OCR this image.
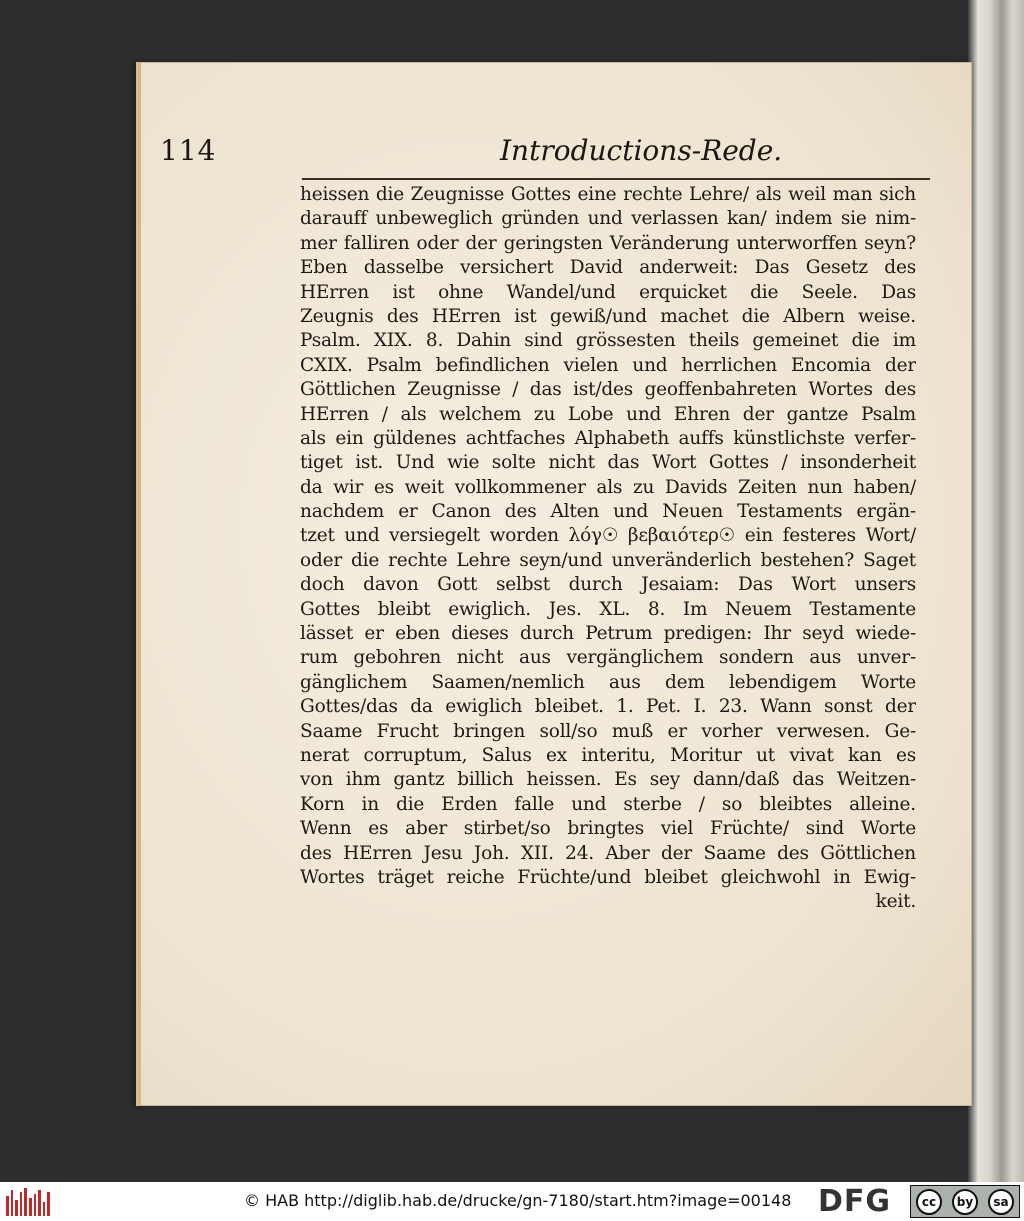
114	Introductions-Rede.
heissen die Zeugnisse Gottes eine rechte Lehre/ als weil man sich
darauff unbeweglich gründen und verlassen kan/ indem sie nim-
mer falliren oder der geringsten Veränderung unterworffen seyn?
Eben dasselbe versichert David anderweit: Das Gesetz des
HErren ist ohne Wandel/und erquicket die Seele. Das
Zeugnis des HErren ist gewiß/und machet die Albern weise.
Psalm. XIX. 8. Dahin sind grössesten theils gemeinet die im
CXIX. Psalm befindlichen vielen und herrlichen Encomia der
Göttlichen Zeugnisse / das ist/des geoffenbahreten Wortes des
HErren / als welchem zu Lobe und Ehren der gantze Psalm
als ein güldenes achtfaches Alphabeth auffs künstlichste verfer-
tiget ist. Und wie solte nicht das Wort Gottes / insonderheit
da wir es weit vollkommener als zu Davids Zeiten nun haben/
nachdem er Canon des Alten und Neuen Testaments ergän-
tzet und versiegelt worden λόγ☉ βεβαιότερ☉ ein festeres Wort/
oder die rechte Lehre seyn/und unveränderlich bestehen? Saget
doch davon Gott selbst durch Jesaiam: Das Wort unsers
Gottes bleibt ewiglich. Jes. XL. 8. Im Neuem Testamente
lässet er eben dieses durch Petrum predigen: Ihr seyd wiede-
rum gebohren nicht aus vergänglichem sondern aus unver-
gänglichem Saamen/nemlich aus dem lebendigem Worte
Gottes/das da ewiglich bleibet. 1. Pet. I. 23. Wann sonst der
Saame Frucht bringen soll/so muß er vorher verwesen. Ge-
nerat corruptum, Salus ex interitu, Moritur ut vivat kan es
von ihm gantz billich heissen. Es sey dann/daß das Weitzen-
Korn in die Erden falle und sterbe / so bleibtes alleine.
Wenn es aber stirbet/so bringtes viel Früchte/ sind Worte
des HErren Jesu Joh. XII. 24. Aber der Saame des Göttlichen
Wortes träget reiche Früchte/und bleibet gleichwohl in Ewig-
keit.
© HAB http://diglib.hab.de/drucke/gn-7180/start.htm?image=00148 DFG	cc	by	sa
